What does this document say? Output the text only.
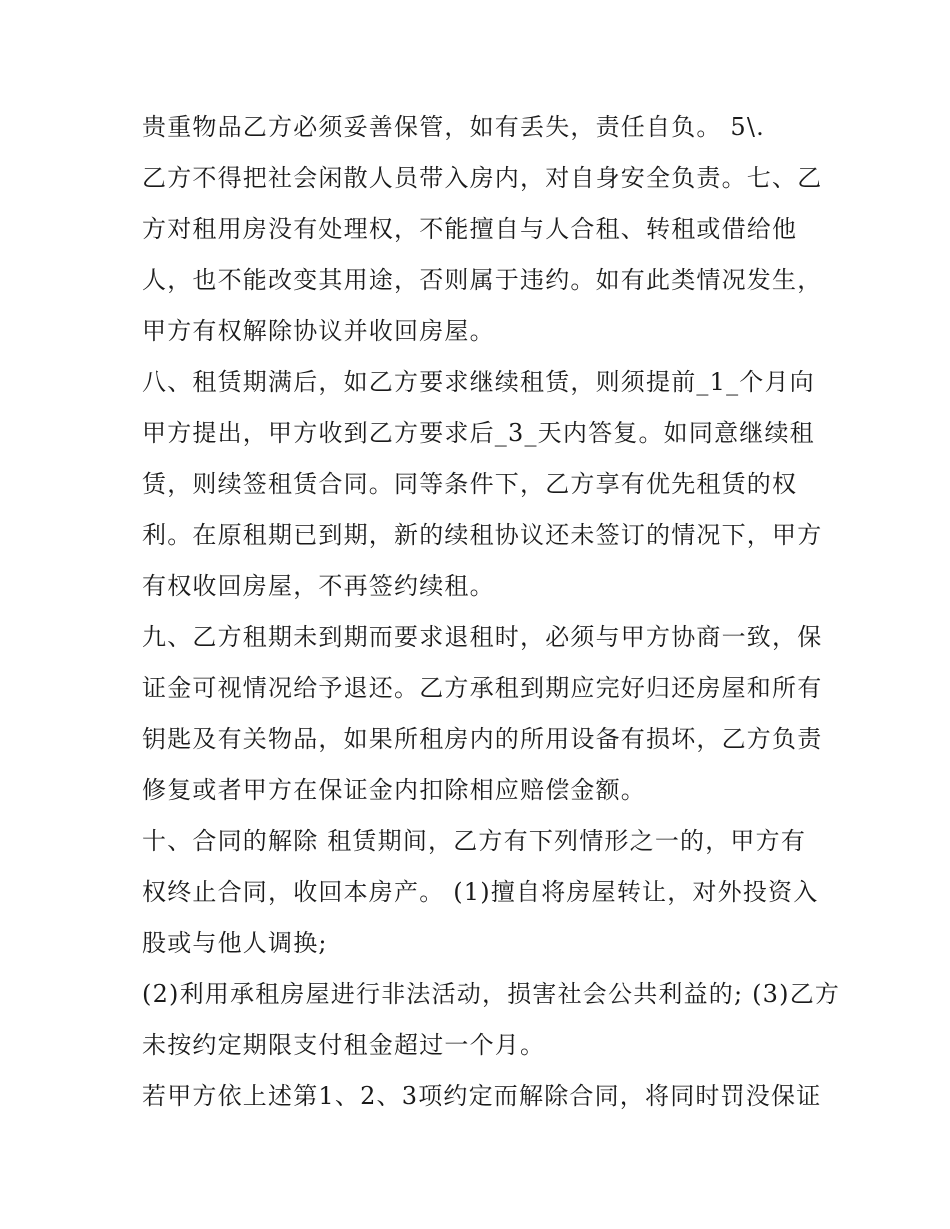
贵重物品乙方必须妥善保管，如有丢失，责任自负。 5\.
乙方不得把社会闲散人员带入房内，对自身安全负责。七、乙
方对租用房没有处理权，不能擅自与人合租、转租或借给他
人，也不能改变其用途，否则属于违约。如有此类情况发生，
甲方有权解除协议并收回房屋。
八、租赁期满后，如乙方要求继续租赁，则须提前_1_个月向
甲方提出，甲方收到乙方要求后_3_天内答复。如同意继续租
赁，则续签租赁合同。同等条件下，乙方享有优先租赁的权
利。在原租期已到期，新的续租协议还未签订的情况下，甲方
有权收回房屋，不再签约续租。
九、乙方租期未到期而要求退租时，必须与甲方协商一致，保
证金可视情况给予退还。乙方承租到期应完好归还房屋和所有
钥匙及有关物品，如果所租房内的所用设备有损坏，乙方负责
修复或者甲方在保证金内扣除相应赔偿金额。
十、合同的解除 租赁期间，乙方有下列情形之一的，甲方有
权终止合同，收回本房产。 (1)擅自将房屋转让，对外投资入
股或与他人调换;
(2)利用承租房屋进行非法活动，损害社会公共利益的; (3)乙方
未按约定期限支付租金超过一个月。
若甲方依上述第1、2、3项约定而解除合同，将同时罚没保证
